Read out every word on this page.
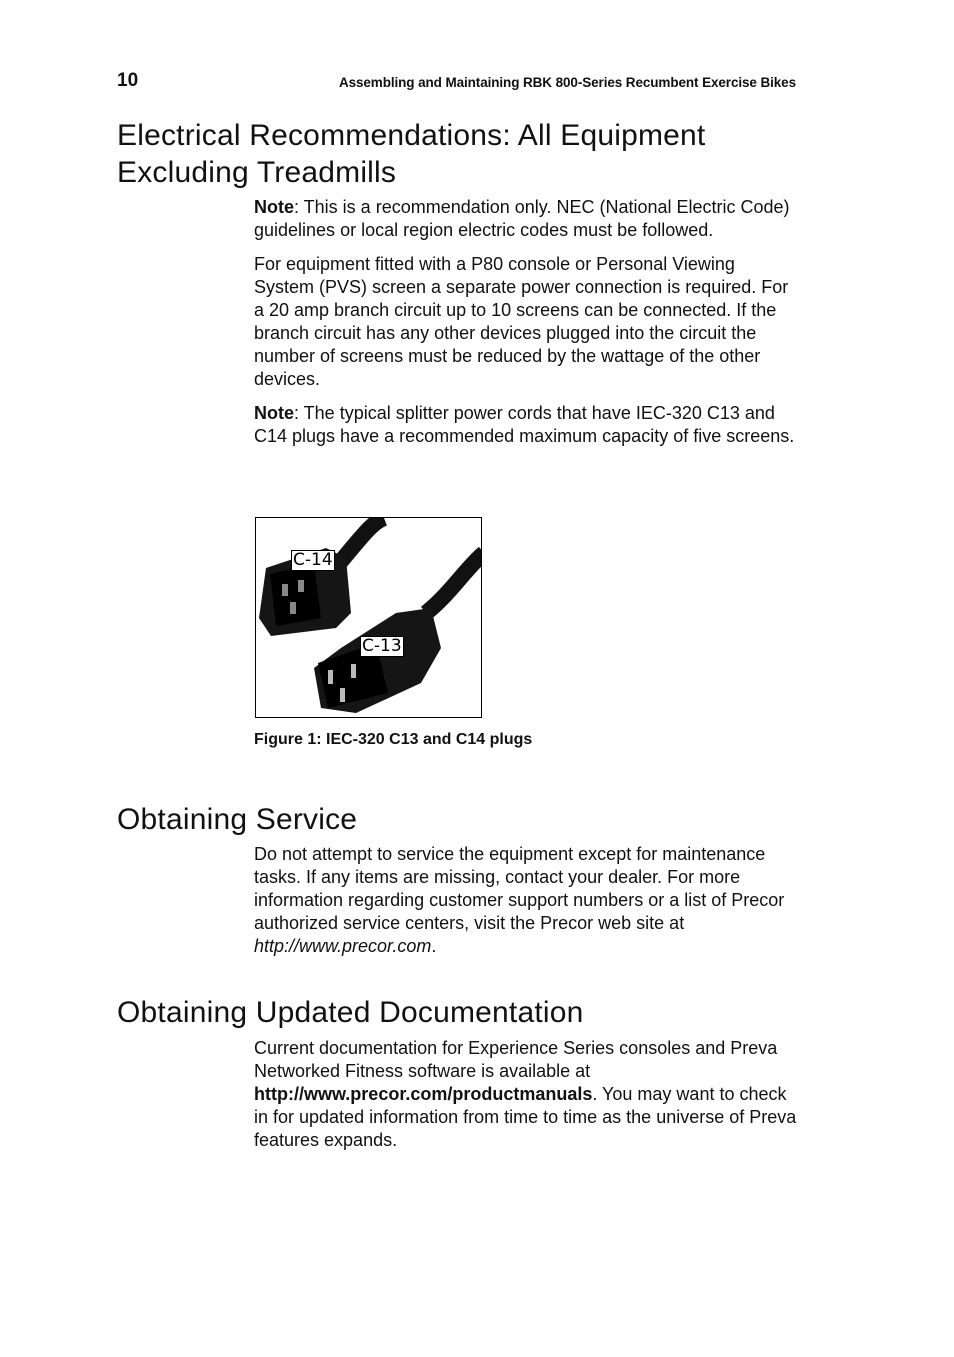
10	Assembling and Maintaining RBK 800-Series Recumbent Exercise Bikes
Electrical Recommendations: All Equipment Excluding Treadmills

Note: This is a recommendation only. NEC (National Electric Code) guidelines or local region electric codes must be followed.

For equipment fitted with a P80 console or Personal Viewing System (PVS) screen a separate power connection is required. For a 20 amp branch circuit up to 10 screens can be connected. If the branch circuit has any other devices plugged into the circuit the number of screens must be reduced by the wattage of the other devices.

Note: The typical splitter power cords that have IEC-320 C13 and C14 plugs have a recommended maximum capacity of five screens.

C-14
C-13
Figure 1: IEC-320 C13 and C14 plugs
Obtaining Service

Do not attempt to service the equipment except for maintenance tasks. If any items are missing, contact your dealer. For more information regarding customer support numbers or a list of Precor authorized service centers, visit the Precor web site at http://www.precor.com.

Obtaining Updated Documentation

Current documentation for Experience Series consoles and Preva Networked Fitness software is available at http://www.precor.com/productmanuals. You may want to check in for updated information from time to time as the universe of Preva features expands.
